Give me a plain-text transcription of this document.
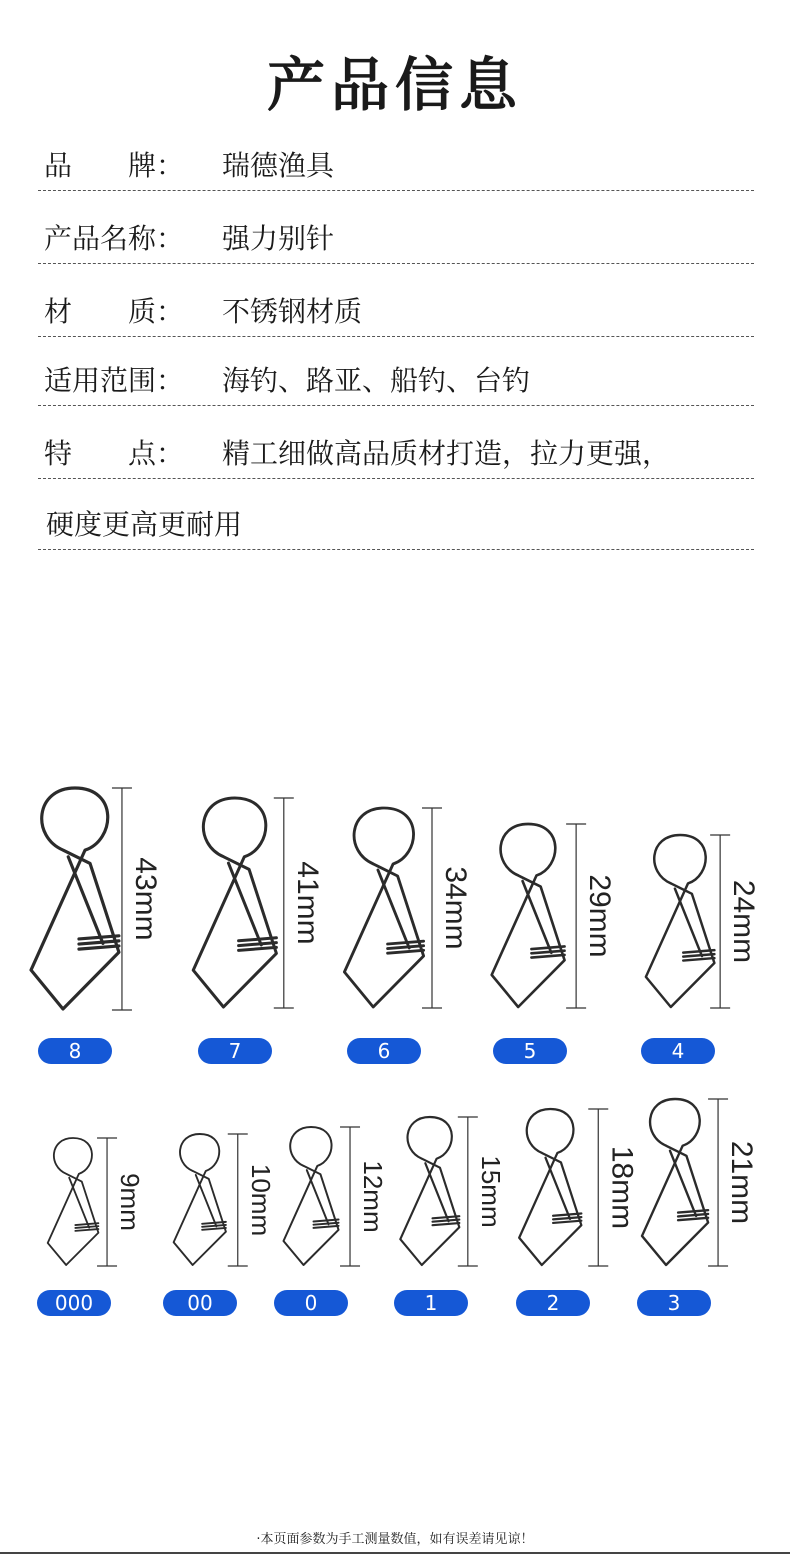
产品信息
品　　牌： 瑞德渔具
产品名称： 强力别针
材　　质： 不锈钢材质
适用范围： 海钓、路亚、船钓、台钓
特　　点： 精工细做高品质材打造，拉力更强，
硬度更高更耐用
43mm
8
41mm
7
34mm
6
29mm
5
24mm
4
9mm
000
10mm
00
12mm
0
15mm
1
18mm
2
21mm
3
·本页面参数为手工测量数值，如有误差请见谅！
